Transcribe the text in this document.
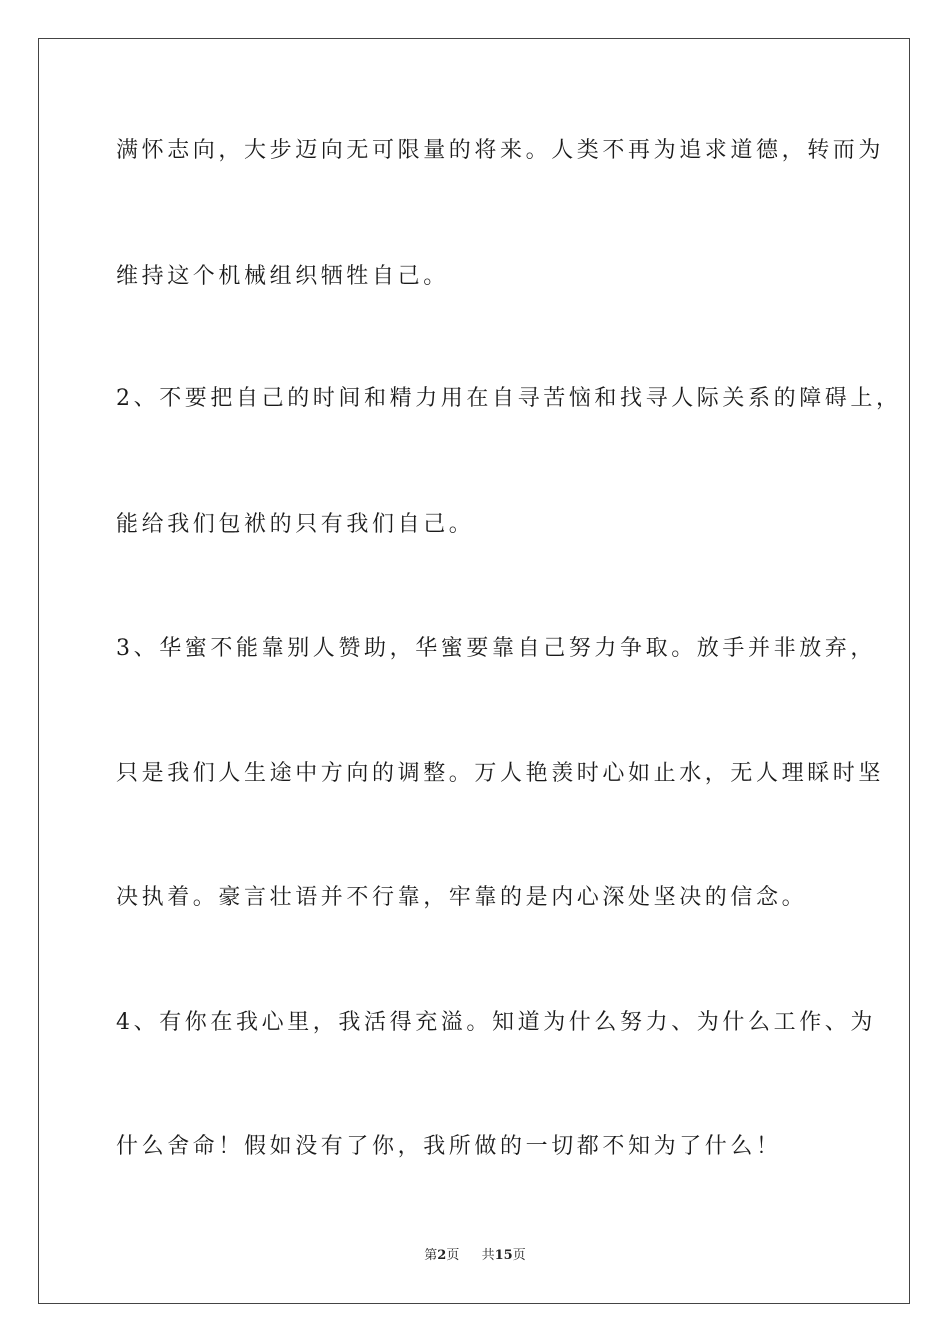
满怀志向，大步迈向无可限量的将来。人类不再为追求道德，转而为
维持这个机械组织牺牲自己。
2、不要把自己的时间和精力用在自寻苦恼和找寻人际关系的障碍上，
能给我们包袱的只有我们自己。
3、华蜜不能靠别人赞助，华蜜要靠自己努力争取。放手并非放弃，
只是我们人生途中方向的调整。万人艳羡时心如止水，无人理睬时坚
决执着。豪言壮语并不行靠，牢靠的是内心深处坚决的信念。
4、有你在我心里，我活得充溢。知道为什么努力、为什么工作、为
什么舍命！假如没有了你，我所做的一切都不知为了什么！
第2页 共15页
